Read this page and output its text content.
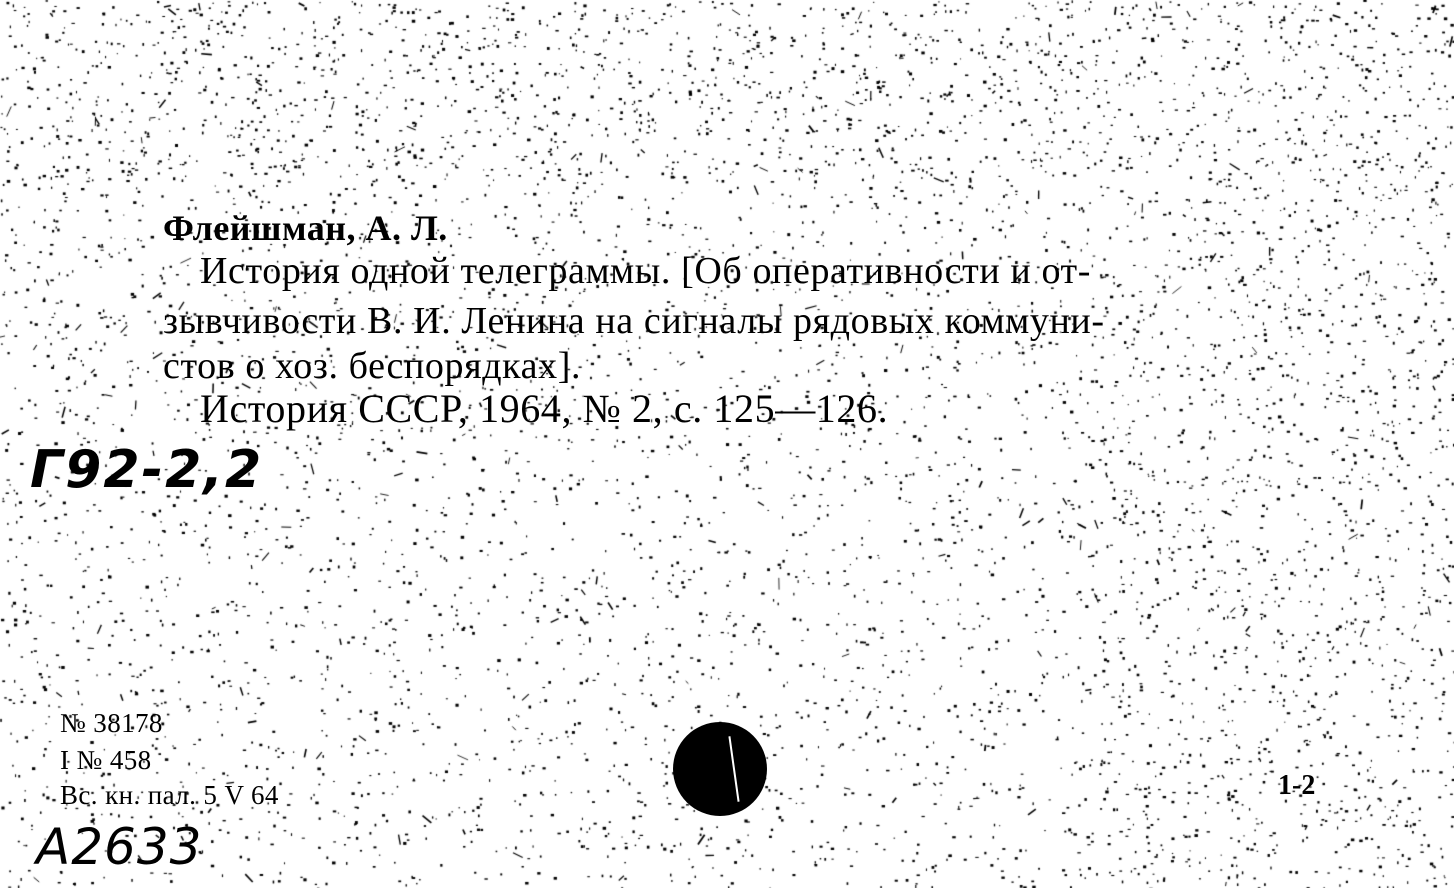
Флейшман, А. Л.
История одной телеграммы. [Об оперативности и от-
зывчивости В. И. Ленина на сигналы рядовых коммуни-
стов о хоз. беспорядках].
История СССР, 1964, № 2, с. 125—126.
Г92-2,2
№ 38178
I № 458
Вс. кн. пал. 5 V 64
А2633
1-2
